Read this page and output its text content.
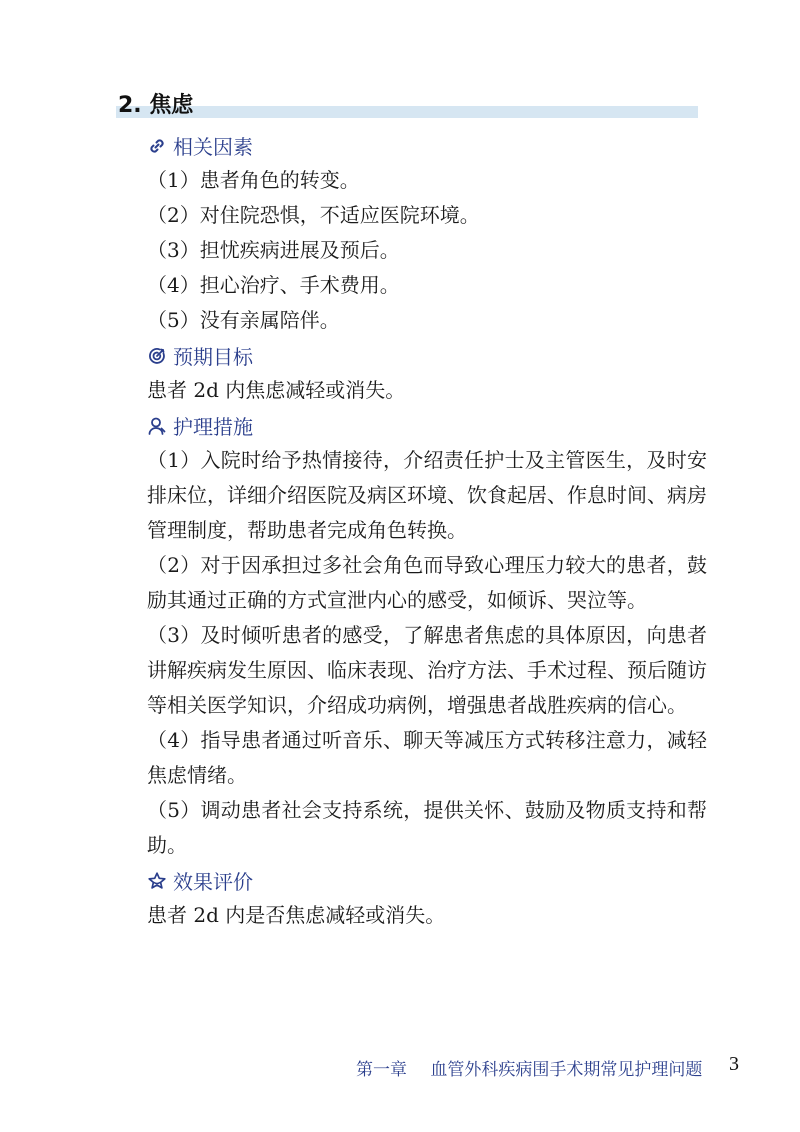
2. 焦虑
相关因素
（1）患者角色的转变。
（2）对住院恐惧，不适应医院环境。
（3）担忧疾病进展及预后。
（4）担心治疗、手术费用。
（5）没有亲属陪伴。
预期目标
患者 2d 内焦虑减轻或消失。
护理措施
（1）入院时给予热情接待，介绍责任护士及主管医生，及时安排床位，详细介绍医院及病区环境、饮食起居、作息时间、病房管理制度，帮助患者完成角色转换。
（2）对于因承担过多社会角色而导致心理压力较大的患者，鼓励其通过正确的方式宣泄内心的感受，如倾诉、哭泣等。
（3）及时倾听患者的感受，了解患者焦虑的具体原因，向患者讲解疾病发生原因、临床表现、治疗方法、手术过程、预后随访等相关医学知识，介绍成功病例，增强患者战胜疾病的信心。
（4）指导患者通过听音乐、聊天等减压方式转移注意力，减轻焦虑情绪。
（5）调动患者社会支持系统，提供关怀、鼓励及物质支持和帮助。
效果评价
患者 2d 内是否焦虑减轻或消失。
第一章 血管外科疾病围手术期常见护理问题 3
